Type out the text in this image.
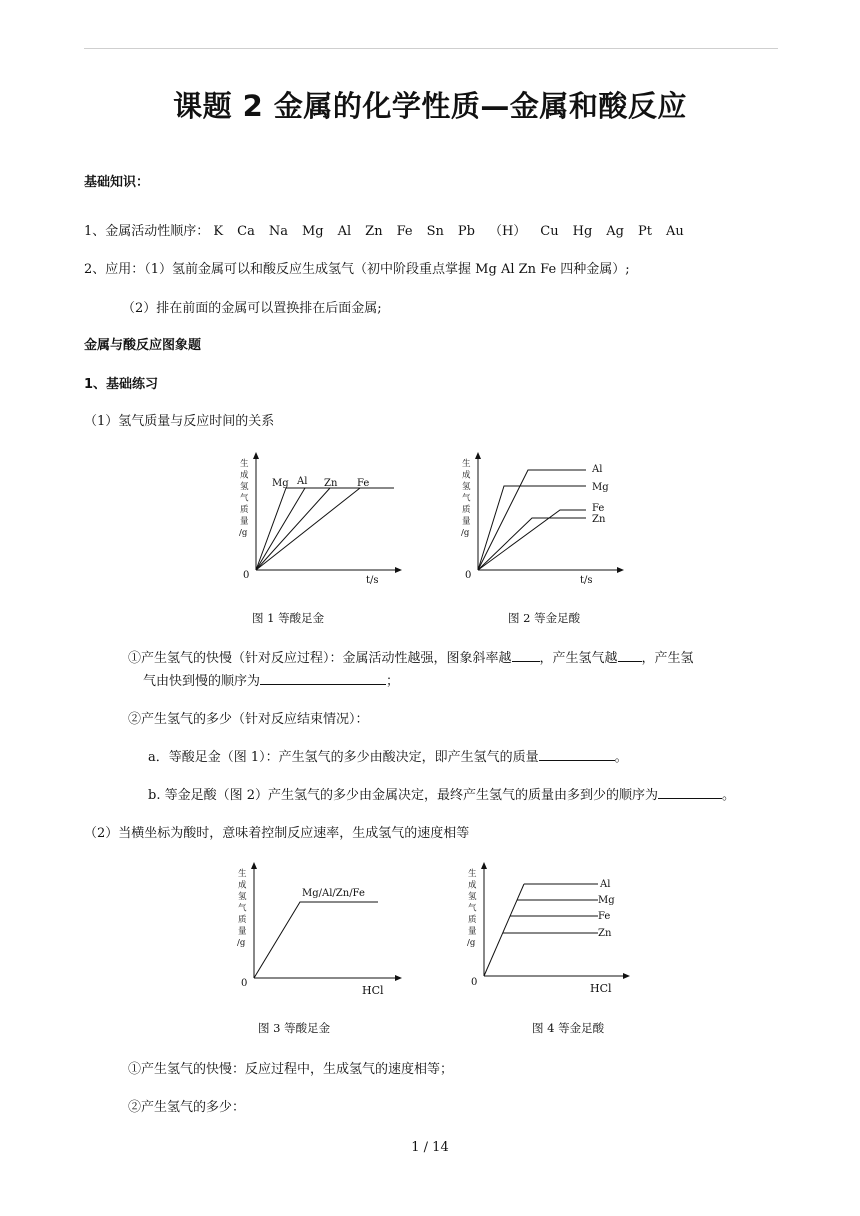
课题 2 金属的化学性质—金属和酸反应
基础知识：
1、金属活动性顺序： K Ca Na Mg Al Zn Fe Sn Pb （H） Cu Hg Ag Pt Au
2、应用：（1）氢前金属可以和酸反应生成氢气（初中阶段重点掌握 Mg Al Zn Fe 四种金属）;
（2）排在前面的金属可以置换排在后面金属;
金属与酸反应图象题
1、基础练习
（1）氢气质量与反应时间的关系
生
成
氢
气
质
量
/g
Mg Al Zn Fe
0	t/s
图 1 等酸足金
生
成
氢
气
质
量
/g
Al
Mg
Fe
Zn
0	t/s
图 2 等金足酸
①产生氢气的快慢（针对反应过程）：金属活动性越强，图象斜率越 ，产生氢气越 ，产生氢
气由快到慢的顺序为	；
②产生氢气的多少（针对反应结束情况）：
a．等酸足金（图 1）：产生氢气的多少由酸决定，即产生氢气的质量	。
b. 等金足酸（图 2）产生氢气的多少由金属决定，最终产生氢气的质量由多到少的顺序为	。
（2）当横坐标为酸时，意味着控制反应速率，生成氢气的速度相等
生
成
氢
气
质
量
/g
Mg/Al/Zn/Fe
0
HCl
图 3 等酸足金
生
成
氢
气
质
量
/g
Al
Mg
Fe
Zn
0	HCl
图 4 等金足酸
①产生氢气的快慢：反应过程中，生成氢气的速度相等；
②产生氢气的多少：
1 / 14
